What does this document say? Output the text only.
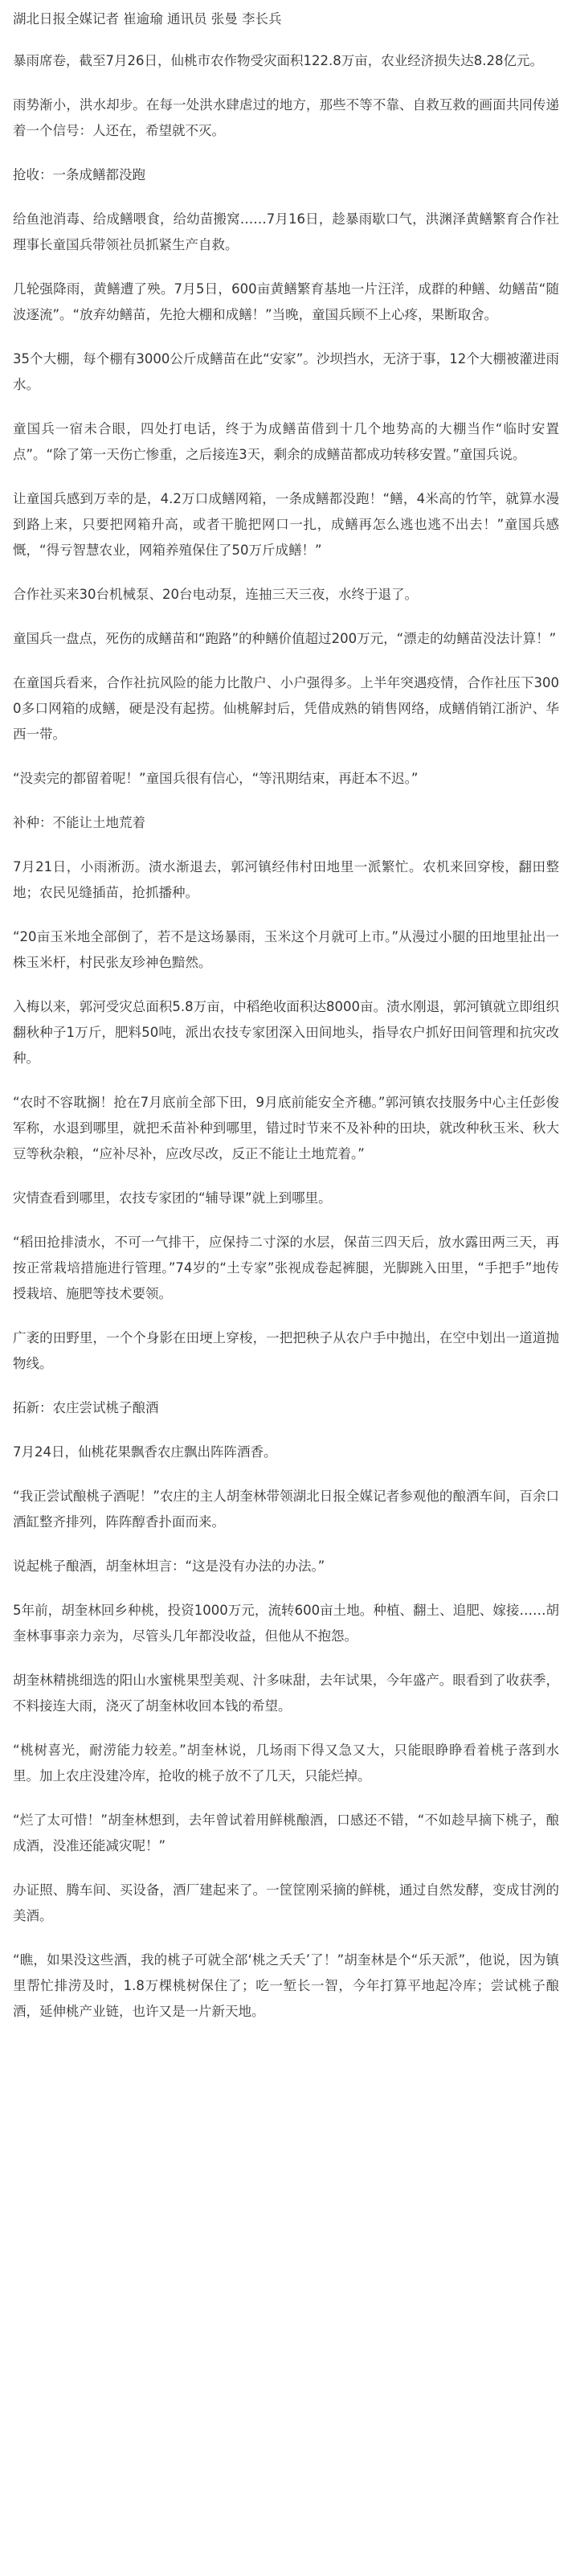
湖北日报全媒记者 崔逾瑜 通讯员 张曼 李长兵

暴雨席卷，截至7月26日，仙桃市农作物受灾面积122.8万亩，农业经济损失达8.28亿元。

雨势渐小，洪水却步。在每一处洪水肆虐过的地方，那些不等不靠、自救互救的画面共同传递着一个信号：人还在，希望就不灭。

抢收：一条成鳝都没跑

给鱼池消毒、给成鳝喂食，给幼苗搬窝……7月16日，趁暴雨歇口气，洪渊泽黄鳝繁育合作社理事长童国兵带领社员抓紧生产自救。

几轮强降雨，黄鳝遭了殃。7月5日，600亩黄鳝繁育基地一片汪洋，成群的种鳝、幼鳝苗“随波逐流”。“放弃幼鳝苗，先抢大棚和成鳝！”当晚，童国兵顾不上心疼，果断取舍。

35个大棚，每个棚有3000公斤成鳝苗在此“安家”。沙坝挡水，无济于事，12个大棚被灌进雨水。

童国兵一宿未合眼，四处打电话，终于为成鳝苗借到十几个地势高的大棚当作“临时安置点”。“除了第一天伤亡惨重，之后接连3天，剩余的成鳝苗都成功转移安置。”童国兵说。

让童国兵感到万幸的是，4.2万口成鳝网箱，一条成鳝都没跑！“鳝，4米高的竹竿，就算水漫到路上来，只要把网箱升高，或者干脆把网口一扎，成鳝再怎么逃也逃不出去！”童国兵感慨，“得亏智慧农业，网箱养殖保住了50万斤成鳝！”

合作社买来30台机械泵、20台电动泵，连抽三天三夜，水终于退了。

童国兵一盘点，死伤的成鳝苗和“跑路”的种鳝价值超过200万元，“漂走的幼鳝苗没法计算！”

在童国兵看来，合作社抗风险的能力比散户、小户强得多。上半年突遇疫情，合作社压下3000多口网箱的成鳝，硬是没有起捞。仙桃解封后，凭借成熟的销售网络，成鳝俏销江浙沪、华西一带。

“没卖完的都留着呢！”童国兵很有信心，“等汛期结束，再赶本不迟。”

补种：不能让土地荒着

7月21日，小雨淅沥。渍水渐退去，郭河镇经伟村田地里一派繁忙。农机来回穿梭，翻田整地；农民见缝插苗，抢抓播种。

“20亩玉米地全部倒了，若不是这场暴雨，玉米这个月就可上市。”从漫过小腿的田地里扯出一株玉米杆，村民张友珍神色黯然。

入梅以来，郭河受灾总面积5.8万亩，中稻绝收面积达8000亩。渍水刚退，郭河镇就立即组织翻秋种子1万斤，肥料50吨，派出农技专家团深入田间地头，指导农户抓好田间管理和抗灾改种。

“农时不容耽搁！抢在7月底前全部下田，9月底前能安全齐穗。”郭河镇农技服务中心主任彭俊军称，水退到哪里，就把禾苗补种到哪里，错过时节来不及补种的田块，就改种秋玉米、秋大豆等秋杂粮，“应补尽补，应改尽改，反正不能让土地荒着。”

灾情查看到哪里，农技专家团的“辅导课”就上到哪里。

“稻田抢排渍水，不可一气排干，应保持二寸深的水层，保苗三四天后，放水露田两三天，再按正常栽培措施进行管理。”74岁的“土专家”张视成卷起裤腿，光脚跳入田里，“手把手”地传授栽培、施肥等技术要领。

广袤的田野里，一个个身影在田埂上穿梭，一把把秧子从农户手中抛出，在空中划出一道道抛物线。

拓新：农庄尝试桃子酿酒

7月24日，仙桃花果飘香农庄飘出阵阵酒香。

“我正尝试酿桃子酒呢！”农庄的主人胡奎林带领湖北日报全媒记者参观他的酿酒车间，百余口酒缸整齐排列，阵阵醇香扑面而来。

说起桃子酿酒，胡奎林坦言：“这是没有办法的办法。”

5年前，胡奎林回乡种桃，投资1000万元，流转600亩土地。种植、翻土、追肥、嫁接……胡奎林事事亲力亲为，尽管头几年都没收益，但他从不抱怨。

胡奎林精挑细选的阳山水蜜桃果型美观、汁多味甜，去年试果，今年盛产。眼看到了收获季，不料接连大雨，浇灭了胡奎林收回本钱的希望。

“桃树喜光，耐涝能力较差。”胡奎林说，几场雨下得又急又大，只能眼睁睁看着桃子落到水里。加上农庄没建冷库，抢收的桃子放不了几天，只能烂掉。

“烂了太可惜！”胡奎林想到，去年曾试着用鲜桃酿酒，口感还不错，“不如趁早摘下桃子，酿成酒，没准还能减灾呢！”

办证照、腾车间、买设备，酒厂建起来了。一筐筐刚采摘的鲜桃，通过自然发酵，变成甘洌的美酒。

“瞧，如果没这些酒，我的桃子可就全部‘桃之夭夭’了！”胡奎林是个“乐天派”，他说，因为镇里帮忙排涝及时，1.8万棵桃树保住了；吃一堑长一智，今年打算平地起冷库；尝试桃子酿酒，延伸桃产业链，也许又是一片新天地。
